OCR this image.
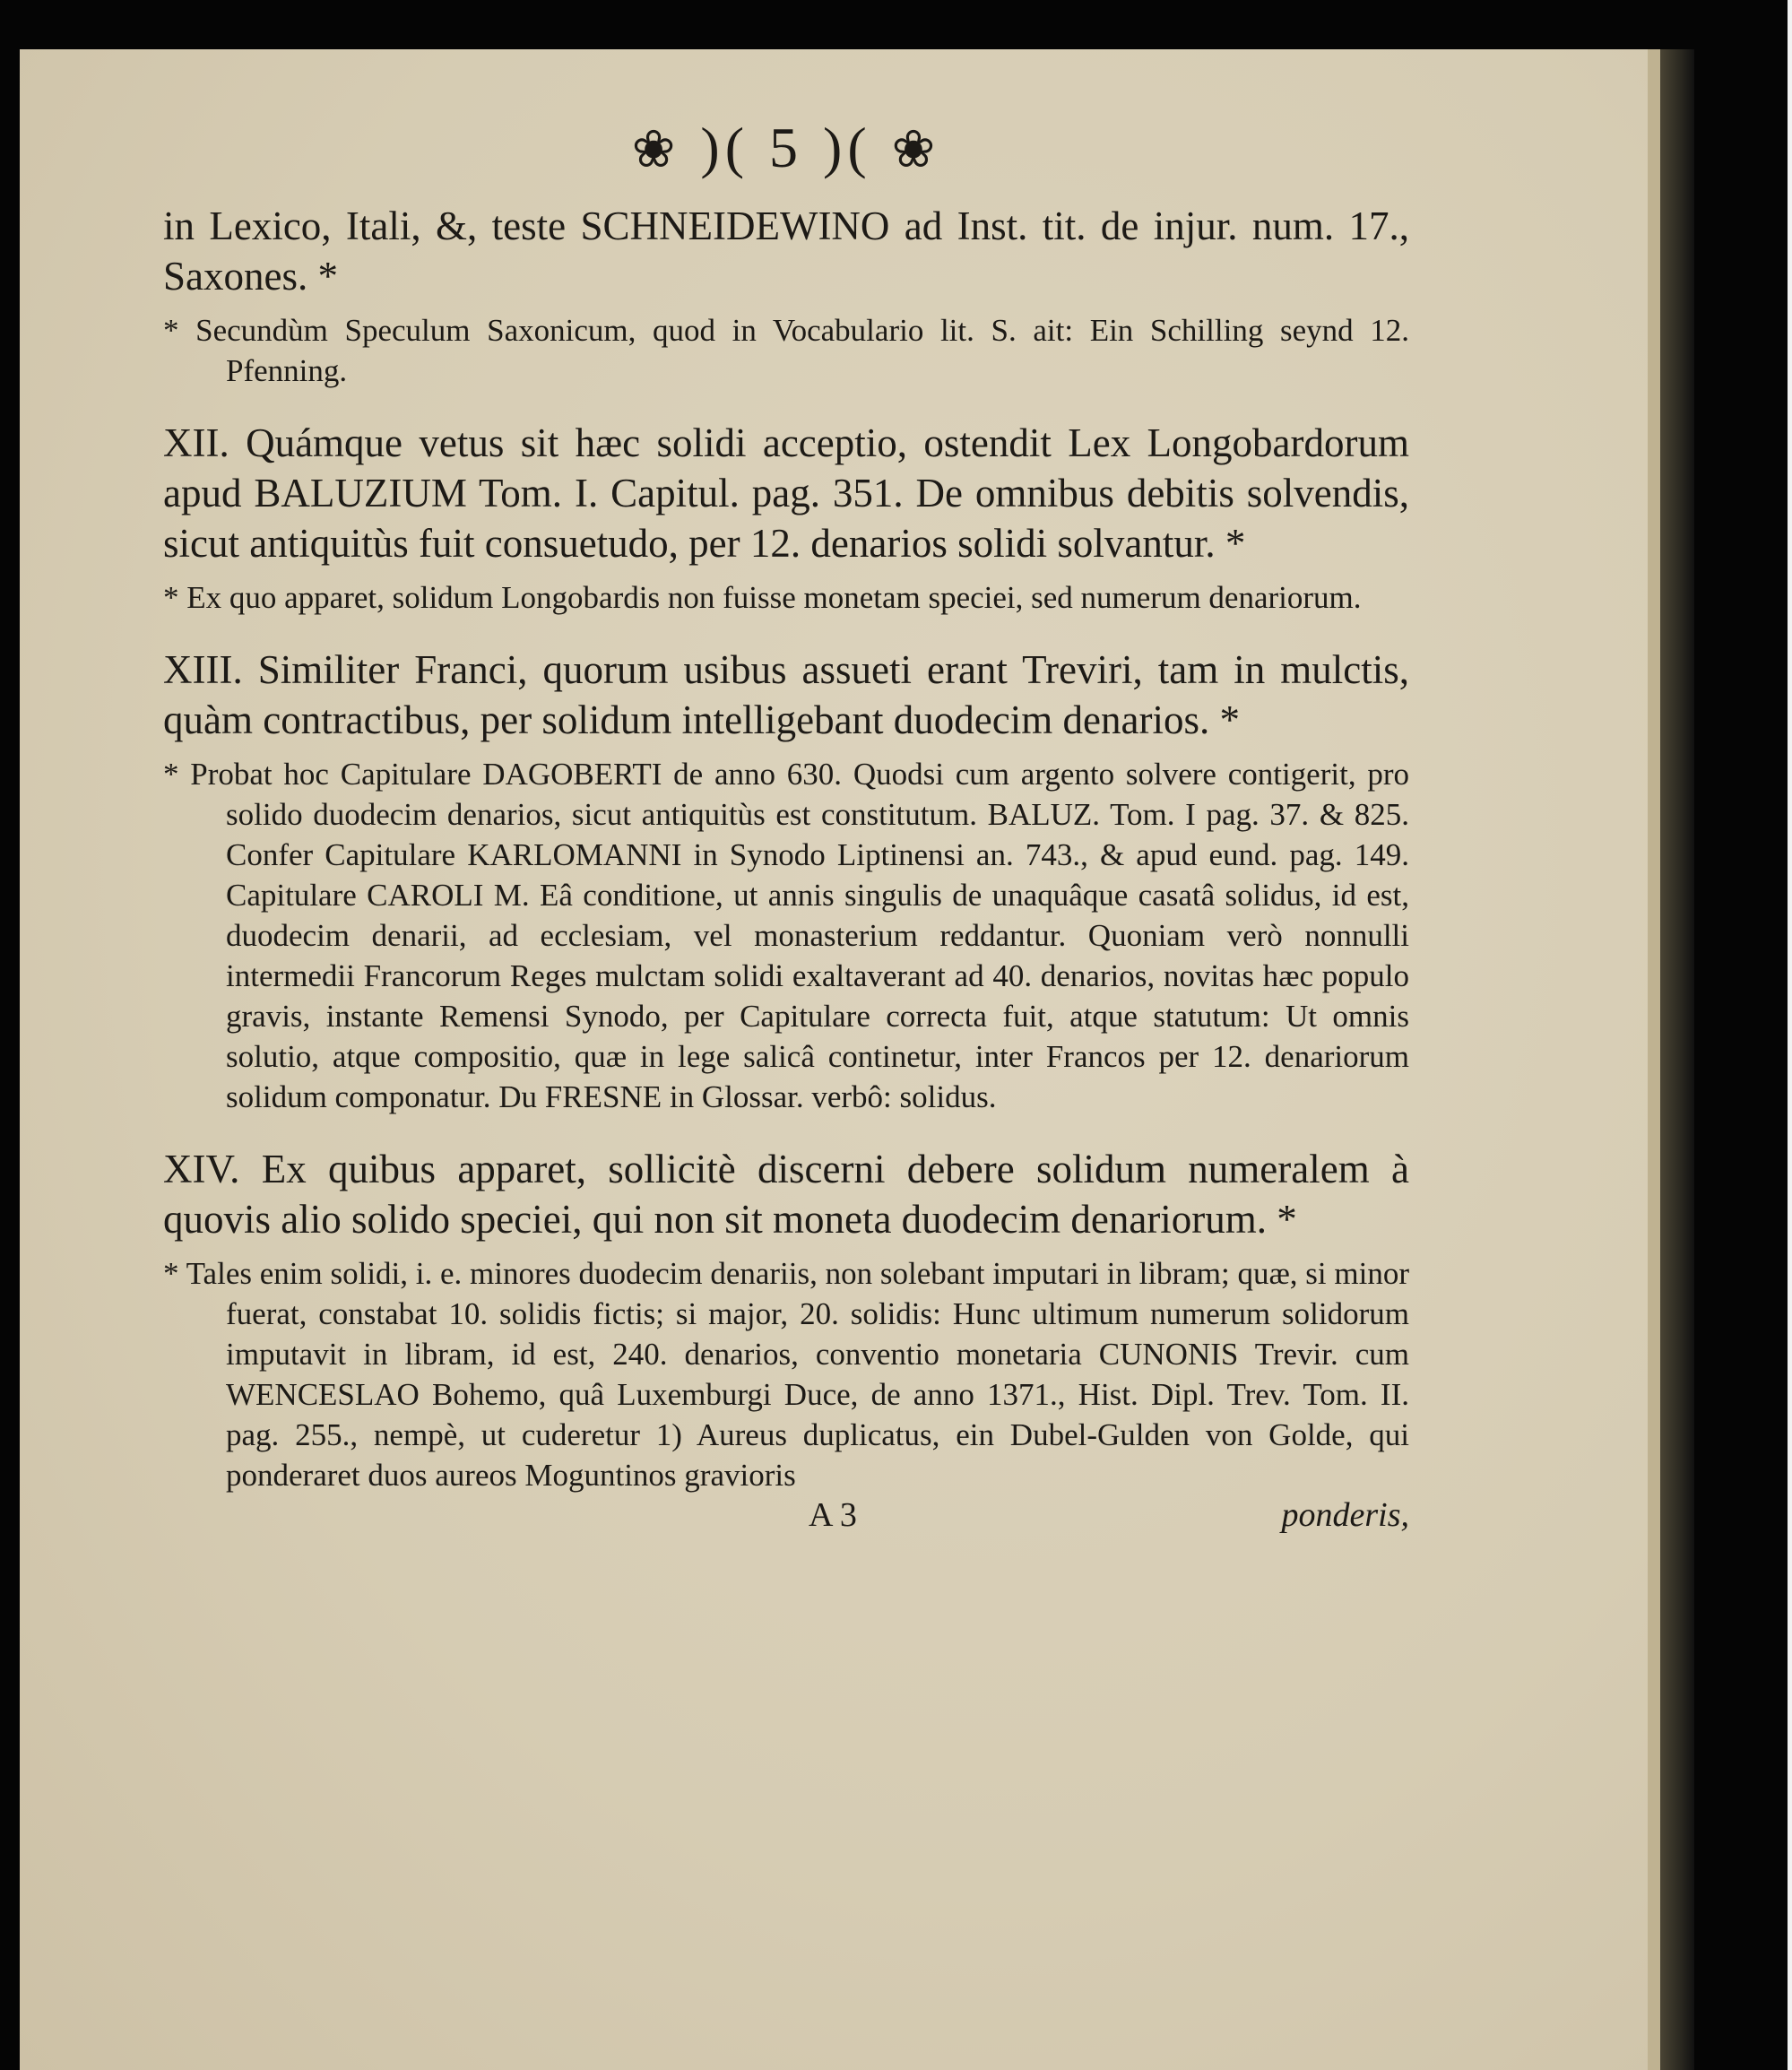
❀ )( 5 )( ❀

in Lexico, Itali, &, teste SCHNEIDEWINO ad Inst. tit. de injur. num. 17., Saxones. *

* Secundùm Speculum Saxonicum, quod in Vocabulario lit. S. ait: Ein Schilling seynd 12. Pfenning.

XII. Quámque vetus sit hæc solidi acceptio, ostendit Lex Longobardorum apud BALUZIUM Tom. I. Capitul. pag. 351. De omnibus debitis solvendis, sicut antiquitùs fuit consuetudo, per 12. denarios solidi solvantur. *

* Ex quo apparet, solidum Longobardis non fuisse monetam speciei, sed numerum denariorum.

XIII. Similiter Franci, quorum usibus assueti erant Treviri, tam in mulctis, quàm contractibus, per solidum intelligebant duodecim denarios. *

* Probat hoc Capitulare DAGOBERTI de anno 630. Quodsi cum argento solvere contigerit, pro solido duodecim denarios, sicut antiquitùs est constitutum. BALUZ. Tom. I pag. 37. & 825. Confer Capitulare KARLOMANNI in Synodo Liptinensi an. 743., & apud eund. pag. 149. Capitulare CAROLI M. Eâ conditione, ut annis singulis de unaquâque casatâ solidus, id est, duodecim denarii, ad ecclesiam, vel monasterium reddantur. Quoniam verò nonnulli intermedii Francorum Reges mulctam solidi exaltaverant ad 40. denarios, novitas hæc populo gravis, instante Remensi Synodo, per Capitulare correcta fuit, atque statutum: Ut omnis solutio, atque compositio, quæ in lege salicâ continetur, inter Francos per 12. denariorum solidum componatur. Du FRESNE in Glossar. verbô: solidus.

XIV. Ex quibus apparet, sollicitè discerni debere solidum numeralem à quovis alio solido speciei, qui non sit moneta duodecim denariorum. *

* Tales enim solidi, i. e. minores duodecim denariis, non solebant imputari in libram; quæ, si minor fuerat, constabat 10. solidis fictis; si major, 20. solidis: Hunc ultimum numerum solidorum imputavit in libram, id est, 240. denarios, conventio monetaria CUNONIS Trevir. cum WENCESLAO Bohemo, quâ Luxemburgi Duce, de anno 1371., Hist. Dipl. Trev. Tom. II. pag. 255., nempè, ut cuderetur 1) Aureus duplicatus, ein Dubel-Gulden von Golde, qui ponderaret duos aureos Moguntinos gravioris

A 3	ponderis,
